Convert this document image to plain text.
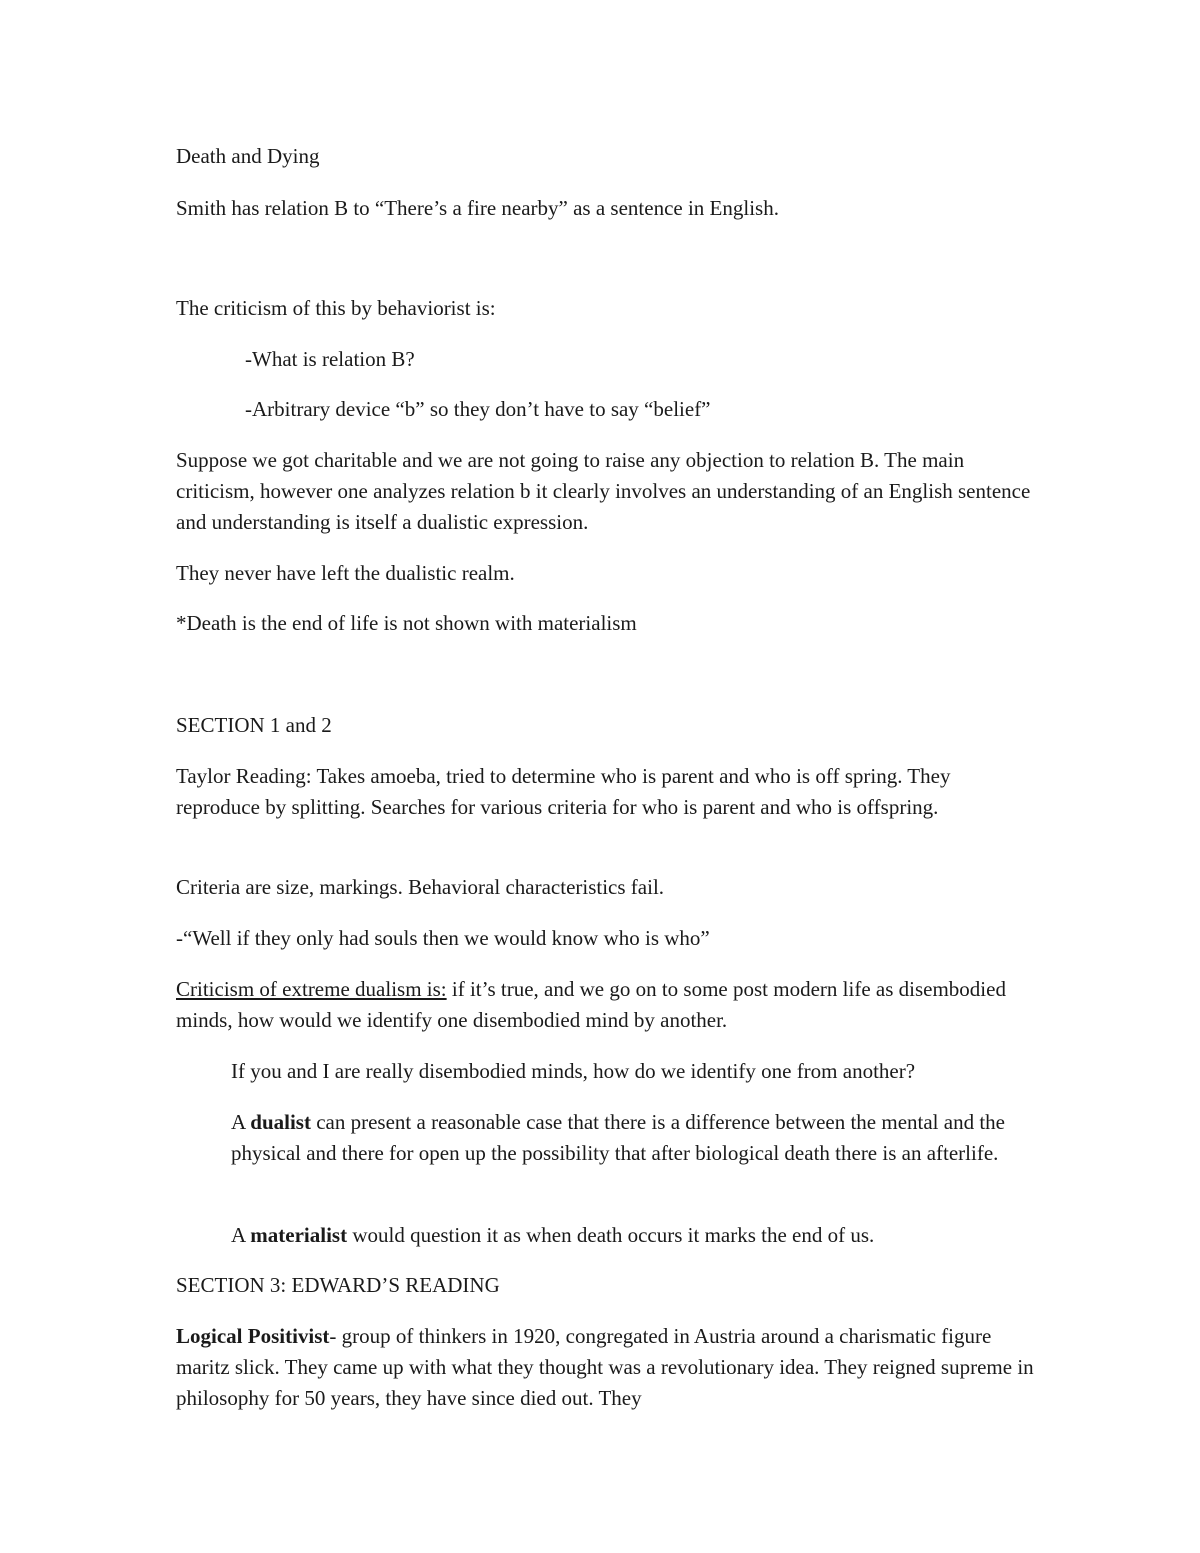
Death and Dying

Smith has relation B to “There’s a fire nearby” as a sentence in English.

The criticism of this by behaviorist is:

-What is relation B?

-Arbitrary device “b” so they don’t have to say “belief”

Suppose we got charitable and we are not going to raise any objection to relation B. The main criticism, however one analyzes relation b it clearly involves an understanding of an English sentence and understanding is itself a dualistic expression.

They never have left the dualistic realm.

*Death is the end of life is not shown with materialism

SECTION 1 and 2

Taylor Reading: Takes amoeba, tried to determine who is parent and who is off spring. They reproduce by splitting. Searches for various criteria for who is parent and who is offspring.

Criteria are size, markings. Behavioral characteristics fail.

-“Well if they only had souls then we would know who is who”

Criticism of extreme dualism is: if it’s true, and we go on to some post modern life as disembodied minds, how would we identify one disembodied mind by another.

If you and I are really disembodied minds, how do we identify one from another?

A dualist can present a reasonable case that there is a difference between the mental and the physical and there for open up the possibility that after biological death there is an afterlife.

A materialist would question it as when death occurs it marks the end of us.

SECTION 3: EDWARD’S READING

Logical Positivist- group of thinkers in 1920, congregated in Austria around a charismatic figure maritz slick. They came up with what they thought was a revolutionary idea. They reigned supreme in philosophy for 50 years, they have since died out. They
